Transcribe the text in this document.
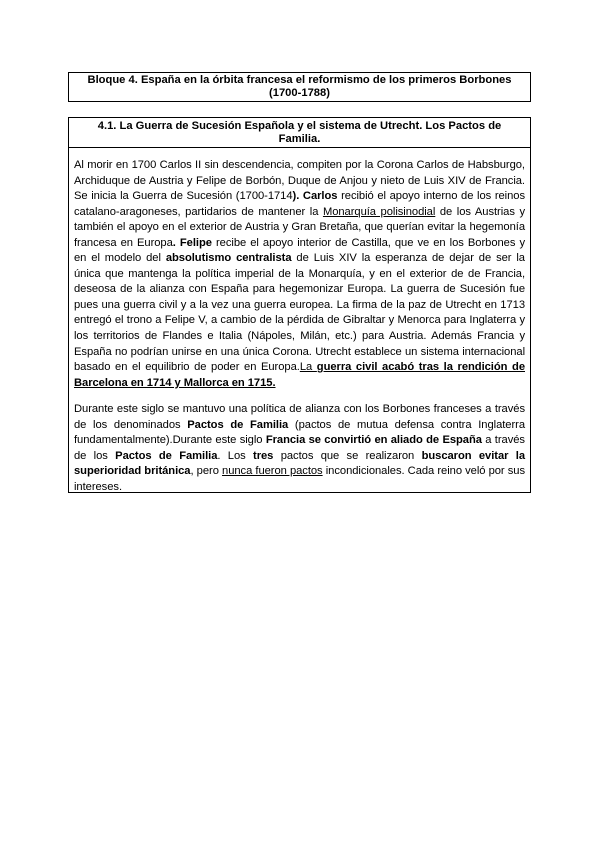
Bloque 4. España en la órbita francesa el reformismo de los primeros Borbones (1700-1788)
4.1. La Guerra de Sucesión Española y el sistema de Utrecht. Los Pactos de Familia.

Al morir en 1700 Carlos II sin descendencia, compiten por la Corona Carlos de Habsburgo, Archiduque de Austria y Felipe de Borbón, Duque de Anjou y nieto de Luis XIV de Francia. Se inicia la Guerra de Sucesión (1700-1714). Carlos recibió el apoyo interno de los reinos catalano-aragoneses, partidarios de mantener la Monarquía polisinodial de los Austrias y también el apoyo en el exterior de Austria y Gran Bretaña, que querían evitar la hegemonía francesa en Europa. Felipe recibe el apoyo interior de Castilla, que ve en los Borbones y en el modelo del absolutismo centralista de Luis XIV la esperanza de dejar de ser la única que mantenga la política imperial de la Monarquía, y en el exterior de de Francia, deseosa de la alianza con España para hegemonizar Europa. La guerra de Sucesión fue pues una guerra civil y a la vez una guerra europea. La firma de la paz de Utrecht en 1713 entregó el trono a Felipe V, a cambio de la pérdida de Gibraltar y Menorca para Inglaterra y los territorios de Flandes e Italia (Nápoles, Milán, etc.) para Austria. Además Francia y España no podrían unirse en una única Corona. Utrecht establece un sistema internacional basado en el equilibrio de poder en Europa.La guerra civil acabó tras la rendición de Barcelona en 1714 y Mallorca en 1715.

Durante este siglo se mantuvo una política de alianza con los Borbones franceses a través de los denominados Pactos de Familia (pactos de mutua defensa contra Inglaterra fundamentalmente).Durante este siglo Francia se convirtió en aliado de España a través de los Pactos de Familia. Los tres pactos que se realizaron buscaron evitar la superioridad británica, pero nunca fueron pactos incondicionales. Cada reino veló por sus intereses.
